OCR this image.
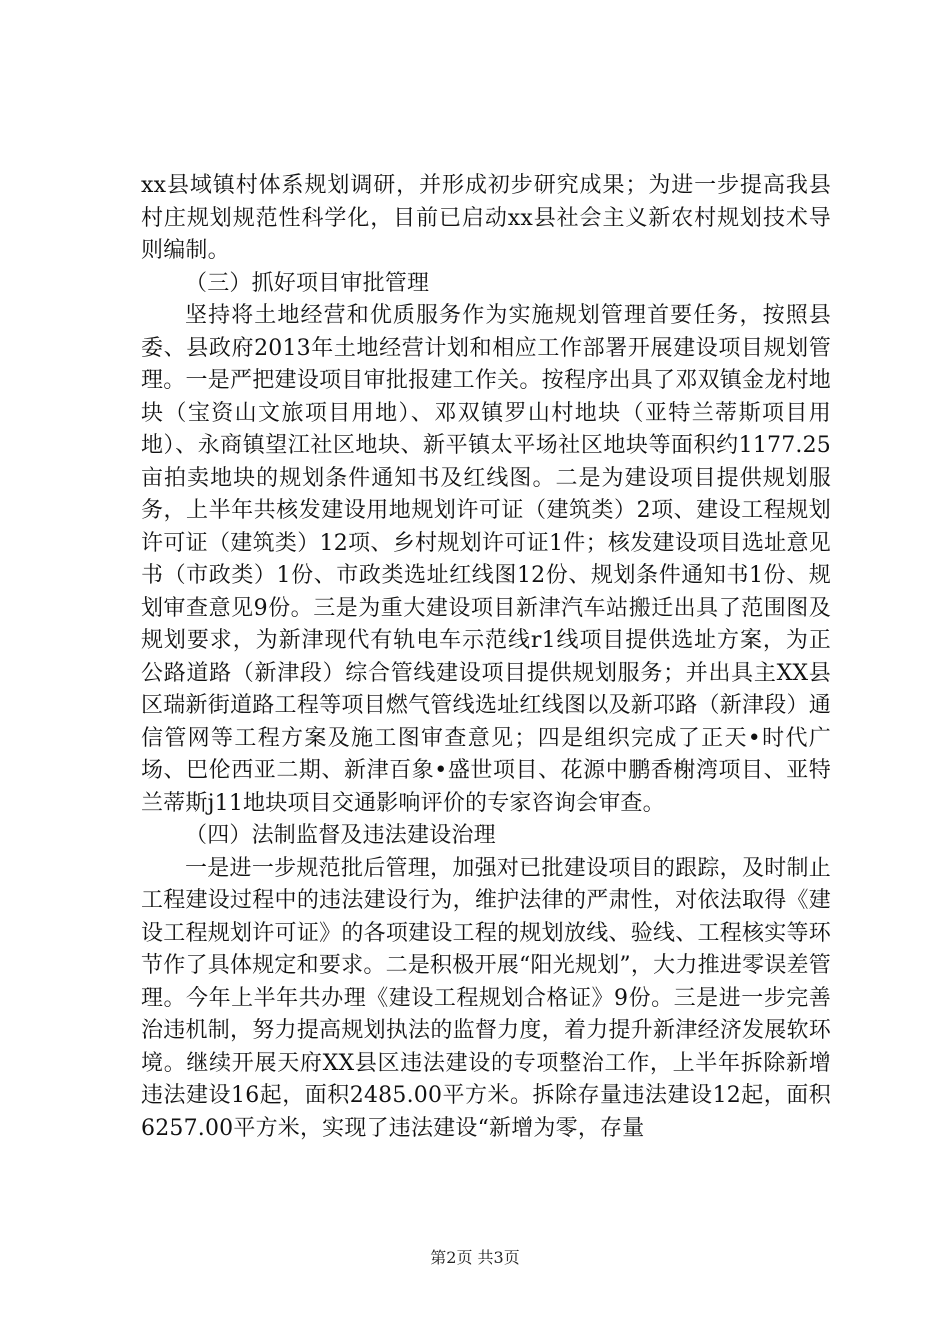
xx县域镇村体系规划调研，并形成初步研究成果；为进一步提高我县村庄规划规范性科学化，目前已启动xx县社会主义新农村规划技术导则编制。

（三）抓好项目审批管理

坚持将土地经营和优质服务作为实施规划管理首要任务，按照县委、县政府2013年土地经营计划和相应工作部署开展建设项目规划管理。一是严把建设项目审批报建工作关。按程序出具了邓双镇金龙村地块（宝资山文旅项目用地）、邓双镇罗山村地块（亚特兰蒂斯项目用地）、永商镇望江社区地块、新平镇太平场社区地块等面积约1177.25亩拍卖地块的规划条件通知书及红线图。二是为建设项目提供规划服务，上半年共核发建设用地规划许可证（建筑类）2项、建设工程规划许可证（建筑类）12项、乡村规划许可证1件；核发建设项目选址意见书（市政类）1份、市政类选址红线图12份、规划条件通知书1份、规划审查意见9份。三是为重大建设项目新津汽车站搬迁出具了范围图及规划要求，为新津现代有轨电车示范线r1线项目提供选址方案，为正公路道路（新津段）综合管线建设项目提供规划服务；并出具主XX县区瑞新街道路工程等项目燃气管线选址红线图以及新邛路（新津段）通信管网等工程方案及施工图审查意见；四是组织完成了正天•时代广场、巴伦西亚二期、新津百象•盛世项目、花源中鹏香榭湾项目、亚特兰蒂斯j11地块项目交通影响评价的专家咨询会审查。

（四）法制监督及违法建设治理

一是进一步规范批后管理，加强对已批建设项目的跟踪，及时制止工程建设过程中的违法建设行为，维护法律的严肃性，对依法取得《建设工程规划许可证》的各项建设工程的规划放线、验线、工程核实等环节作了具体规定和要求。二是积极开展“阳光规划”，大力推进零误差管理。今年上半年共办理《建设工程规划合格证》9份。三是进一步完善治违机制，努力提高规划执法的监督力度，着力提升新津经济发展软环境。继续开展天府XX县区违法建设的专项整治工作，上半年拆除新增违法建设16起，面积2485.00平方米。拆除存量违法建设12起，面积6257.00平方米，实现了违法建设“新增为零，存量

第2页 共3页
